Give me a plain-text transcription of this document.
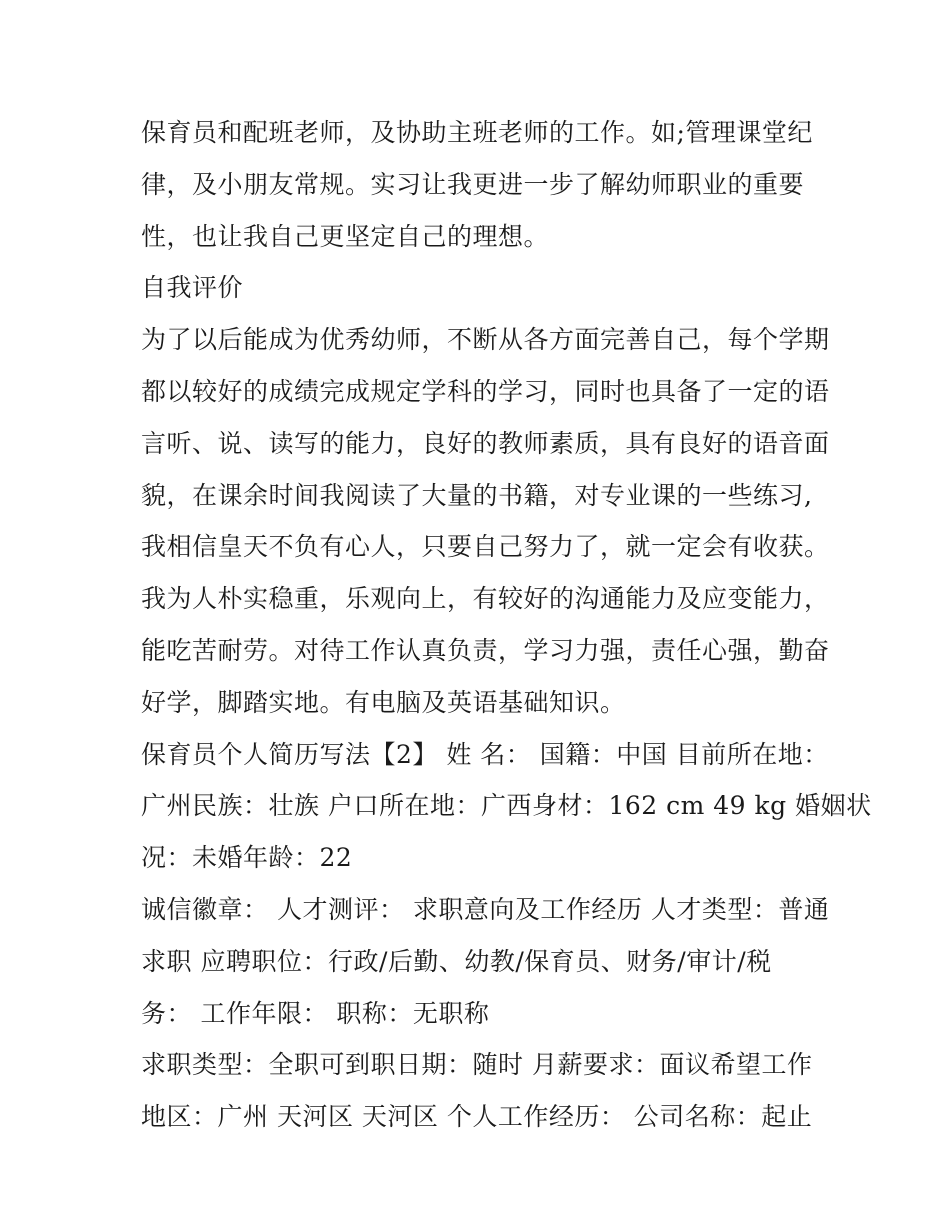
保育员和配班老师，及协助主班老师的工作。如;管理课堂纪
律，及小朋友常规。实习让我更进一步了解幼师职业的重要
性，也让我自己更坚定自己的理想。
自我评价
为了以后能成为优秀幼师，不断从各方面完善自己，每个学期
都以较好的成绩完成规定学科的学习，同时也具备了一定的语
言听、说、读写的能力，良好的教师素质，具有良好的语音面
貌，在课余时间我阅读了大量的书籍，对专业课的一些练习,
我相信皇天不负有心人，只要自己努力了，就一定会有收获。
我为人朴实稳重，乐观向上，有较好的沟通能力及应变能力，
能吃苦耐劳。对待工作认真负责，学习力强，责任心强，勤奋
好学，脚踏实地。有电脑及英语基础知识。
保育员个人简历写法【2】 姓 名： 国籍：中国 目前所在地：
广州民族：壮族 户口所在地：广西身材：162 cm 49 kg 婚姻状
况：未婚年龄：22
诚信徽章： 人才测评： 求职意向及工作经历 人才类型：普通
求职 应聘职位：行政/后勤、幼教/保育员、财务/审计/税
务： 工作年限： 职称：无职称
求职类型：全职可到职日期：随时 月薪要求：面议希望工作
地区：广州 天河区 天河区 个人工作经历： 公司名称：起止
